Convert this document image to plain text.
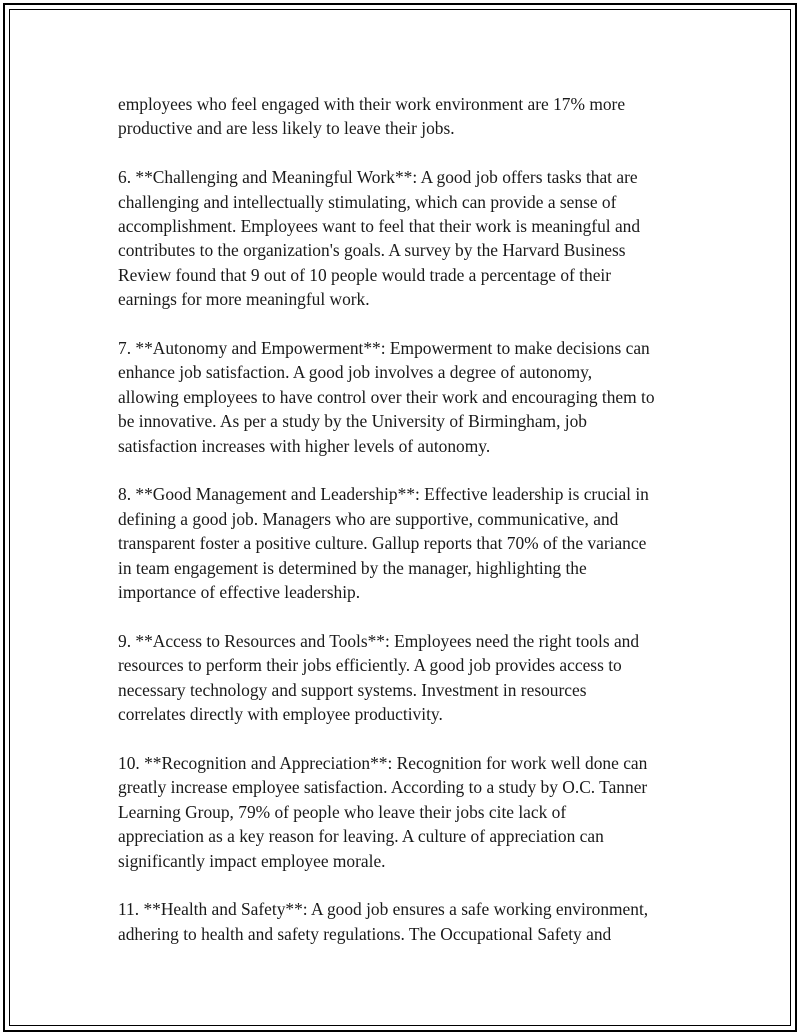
employees who feel engaged with their work environment are 17% more
productive and are less likely to leave their jobs.

6. **Challenging and Meaningful Work**: A good job offers tasks that are
challenging and intellectually stimulating, which can provide a sense of
accomplishment. Employees want to feel that their work is meaningful and
contributes to the organization's goals. A survey by the Harvard Business
Review found that 9 out of 10 people would trade a percentage of their
earnings for more meaningful work.

7. **Autonomy and Empowerment**: Empowerment to make decisions can
enhance job satisfaction. A good job involves a degree of autonomy,
allowing employees to have control over their work and encouraging them to
be innovative. As per a study by the University of Birmingham, job
satisfaction increases with higher levels of autonomy.

8. **Good Management and Leadership**: Effective leadership is crucial in
defining a good job. Managers who are supportive, communicative, and
transparent foster a positive culture. Gallup reports that 70% of the variance
in team engagement is determined by the manager, highlighting the
importance of effective leadership.

9. **Access to Resources and Tools**: Employees need the right tools and
resources to perform their jobs efficiently. A good job provides access to
necessary technology and support systems. Investment in resources
correlates directly with employee productivity.

10. **Recognition and Appreciation**: Recognition for work well done can
greatly increase employee satisfaction. According to a study by O.C. Tanner
Learning Group, 79% of people who leave their jobs cite lack of
appreciation as a key reason for leaving. A culture of appreciation can
significantly impact employee morale.

11. **Health and Safety**: A good job ensures a safe working environment,
adhering to health and safety regulations. The Occupational Safety and
